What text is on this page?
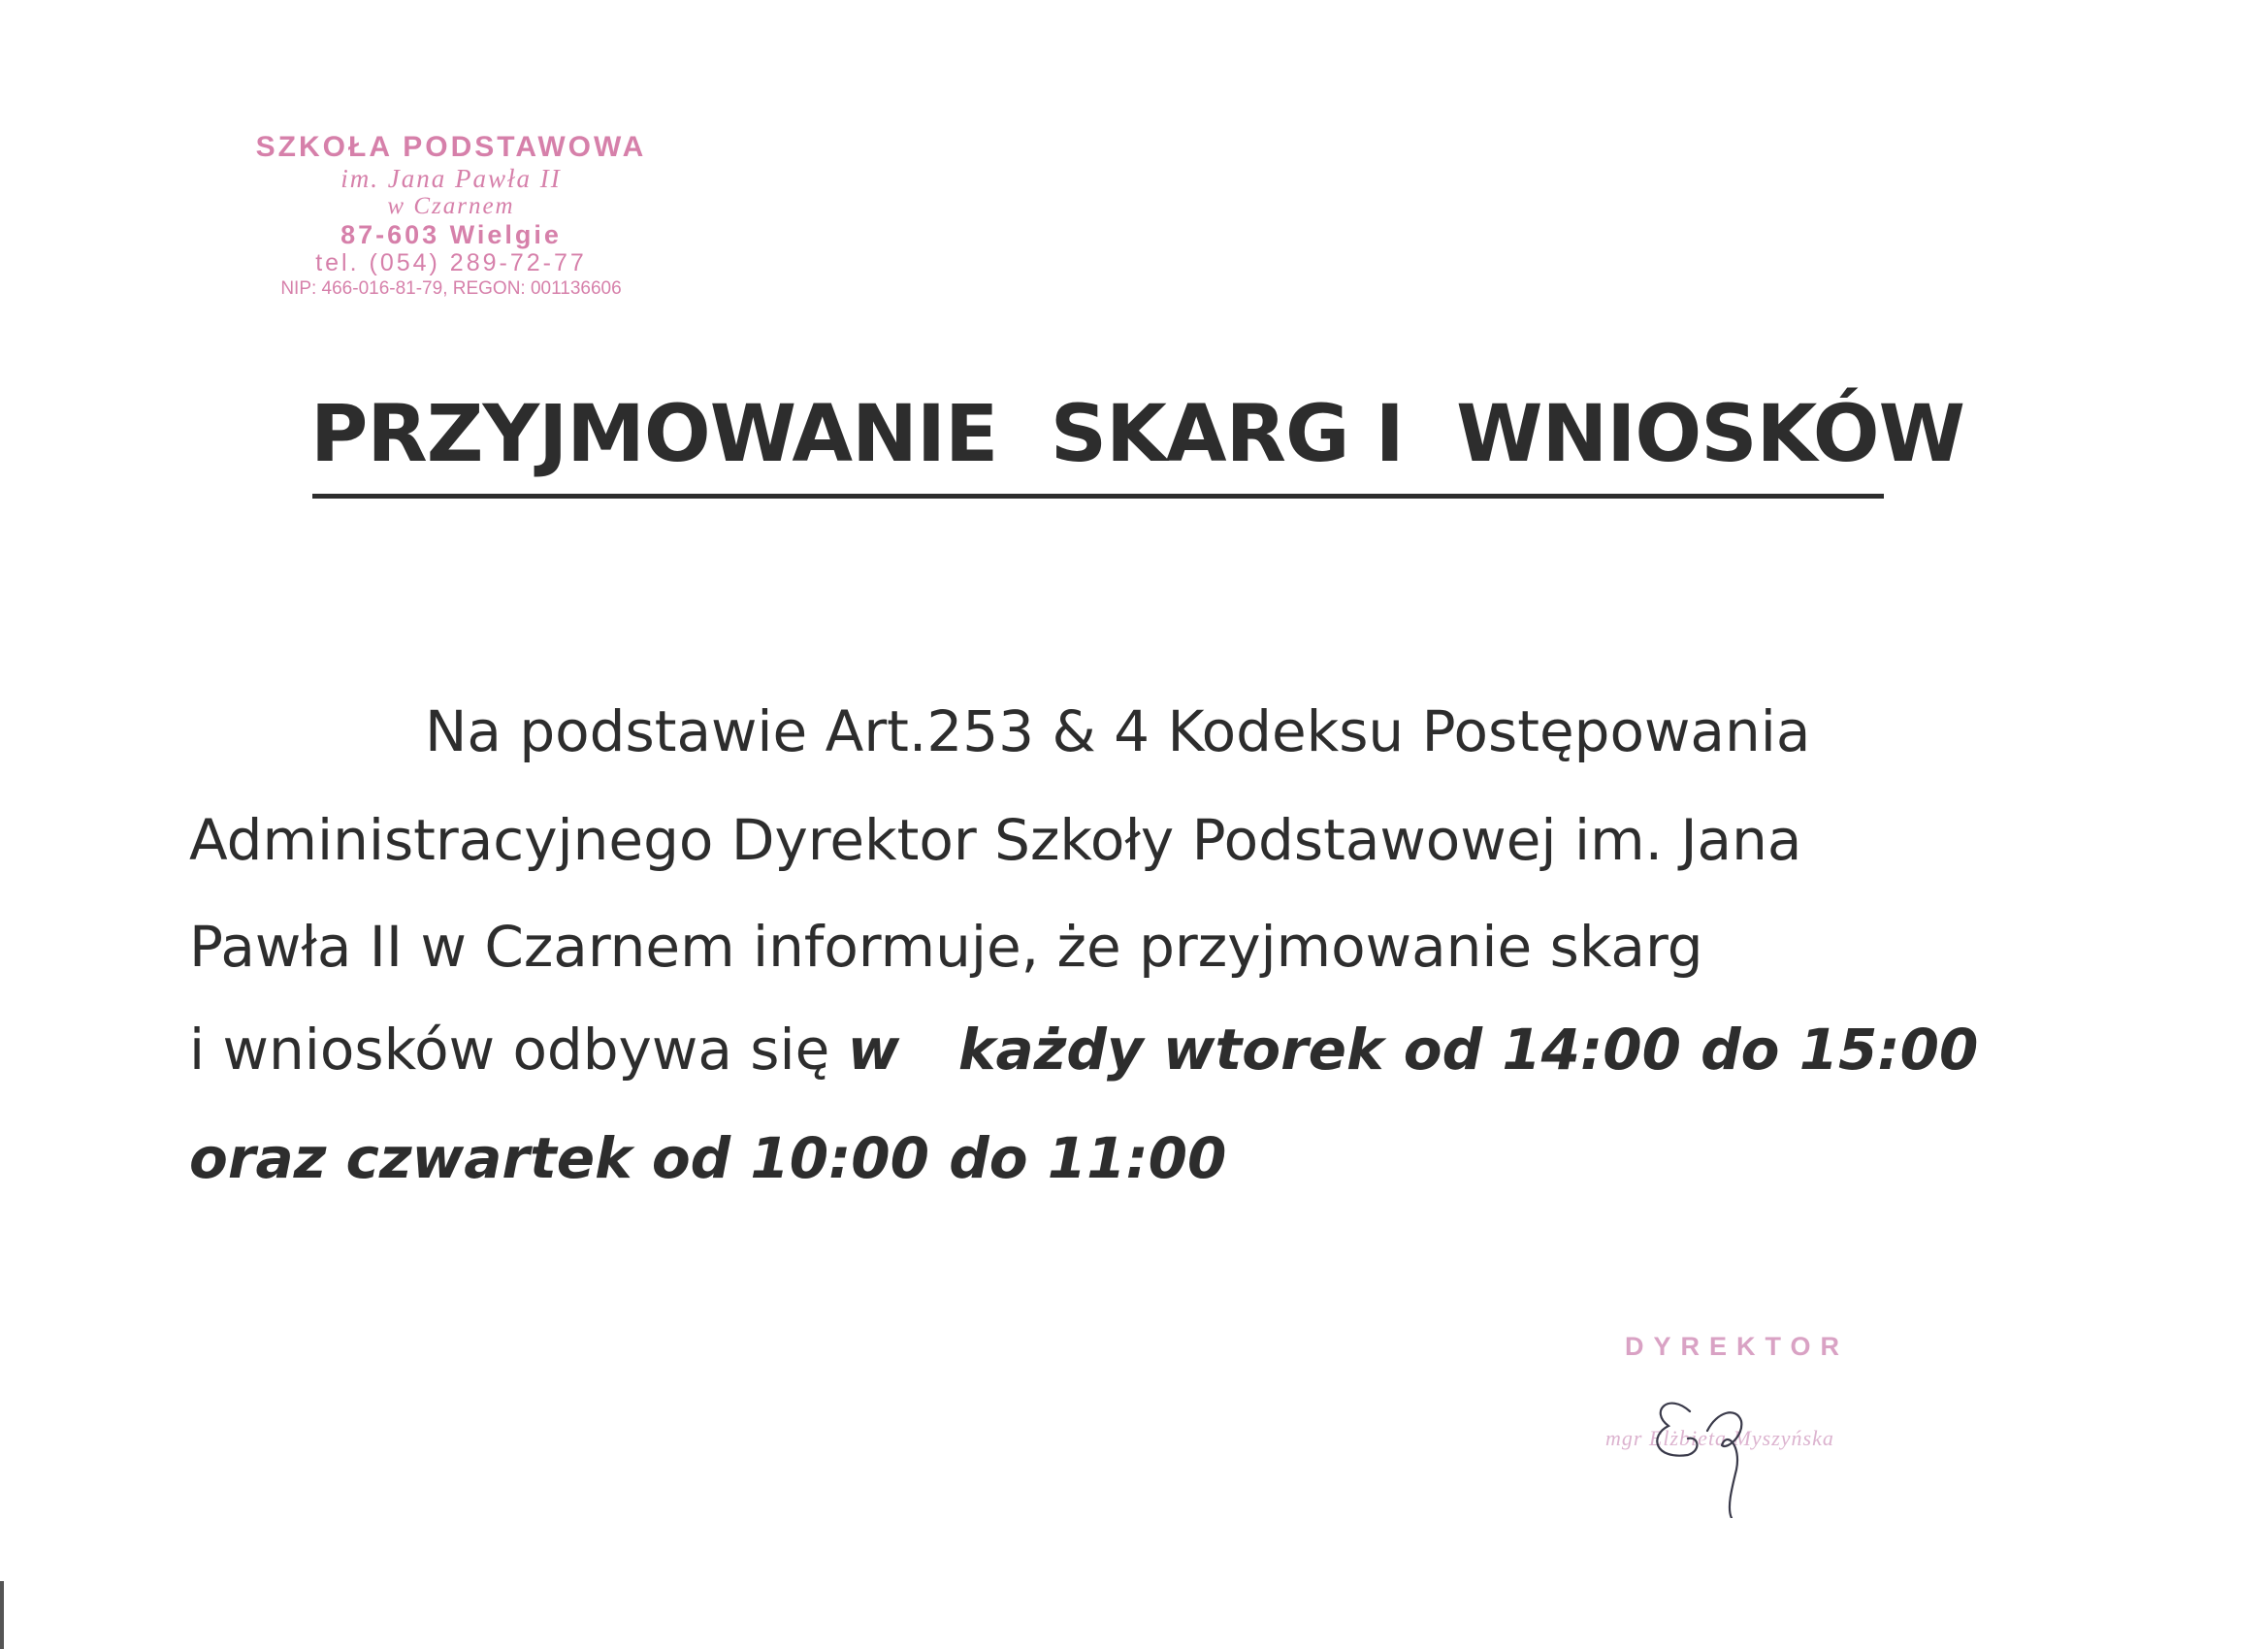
SZKOŁA PODSTAWOWA
im. Jana Pawła II
w Czarnem
87-603 Wielgie
tel. (054) 289-72-77
NIP: 466-016-81-79, REGON: 001136606
PRZYJMOWANIE  SKARG I  WNIOSKÓW
Na podstawie Art.253 & 4 Kodeksu Postępowania
Administracyjnego Dyrektor Szkoły Podstawowej im. Jana
Pawła II w Czarnem informuje, że przyjmowanie skarg
i wniosków odbywa się w   każdy wtorek od 14:00 do 15:00
oraz czwartek od 10:00 do 11:00
DYREKTOR
mgr Elżbieta Myszyńska
